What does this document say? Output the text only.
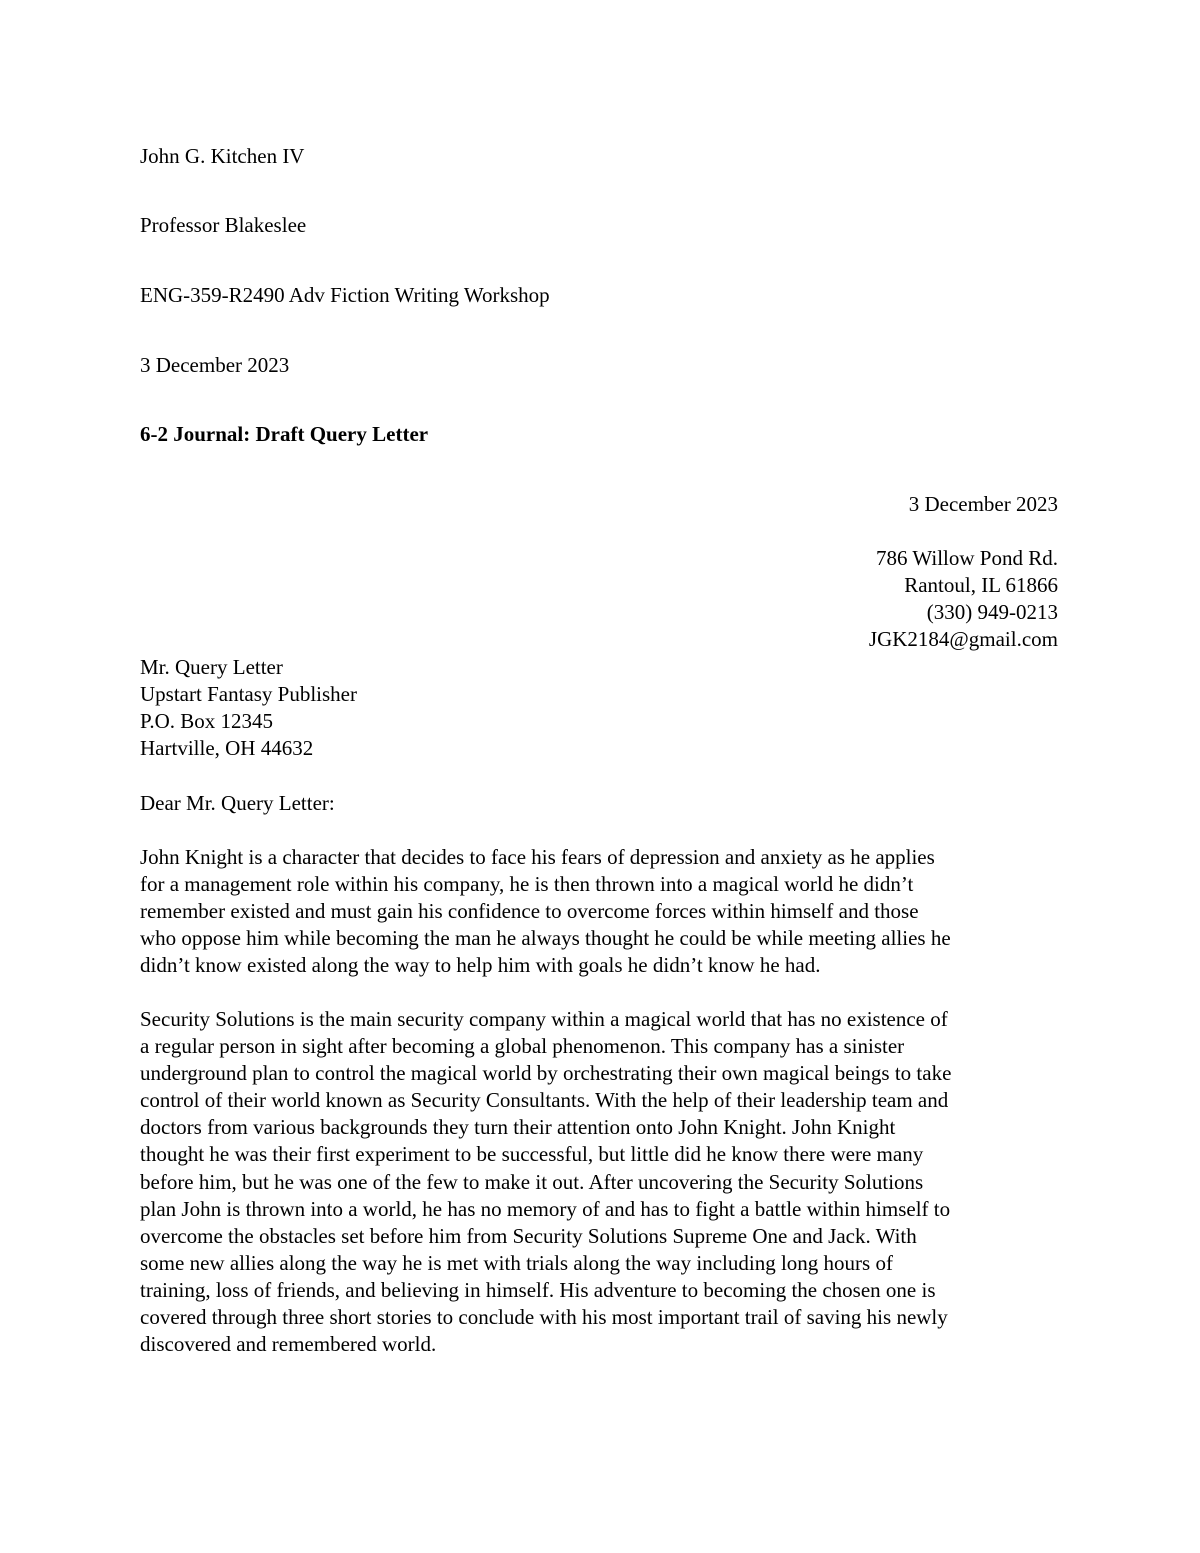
John G. Kitchen IV
Professor Blakeslee
ENG-359-R2490 Adv Fiction Writing Workshop
3 December 2023
6-2 Journal: Draft Query Letter
3 December 2023
786 Willow Pond Rd.
Rantoul, IL 61866
(330) 949-0213
JGK2184@gmail.com
Mr. Query Letter
Upstart Fantasy Publisher
P.O. Box 12345
Hartville, OH 44632
Dear Mr. Query Letter:
John Knight is a character that decides to face his fears of depression and anxiety as he applies
for a management role within his company, he is then thrown into a magical world he didn’t
remember existed and must gain his confidence to overcome forces within himself and those
who oppose him while becoming the man he always thought he could be while meeting allies he
didn’t know existed along the way to help him with goals he didn’t know he had.
Security Solutions is the main security company within a magical world that has no existence of
a regular person in sight after becoming a global phenomenon. This company has a sinister
underground plan to control the magical world by orchestrating their own magical beings to take
control of their world known as Security Consultants. With the help of their leadership team and
doctors from various backgrounds they turn their attention onto John Knight. John Knight
thought he was their first experiment to be successful, but little did he know there were many
before him, but he was one of the few to make it out. After uncovering the Security Solutions
plan John is thrown into a world, he has no memory of and has to fight a battle within himself to
overcome the obstacles set before him from Security Solutions Supreme One and Jack. With
some new allies along the way he is met with trials along the way including long hours of
training, loss of friends, and believing in himself. His adventure to becoming the chosen one is
covered through three short stories to conclude with his most important trail of saving his newly
discovered and remembered world.
